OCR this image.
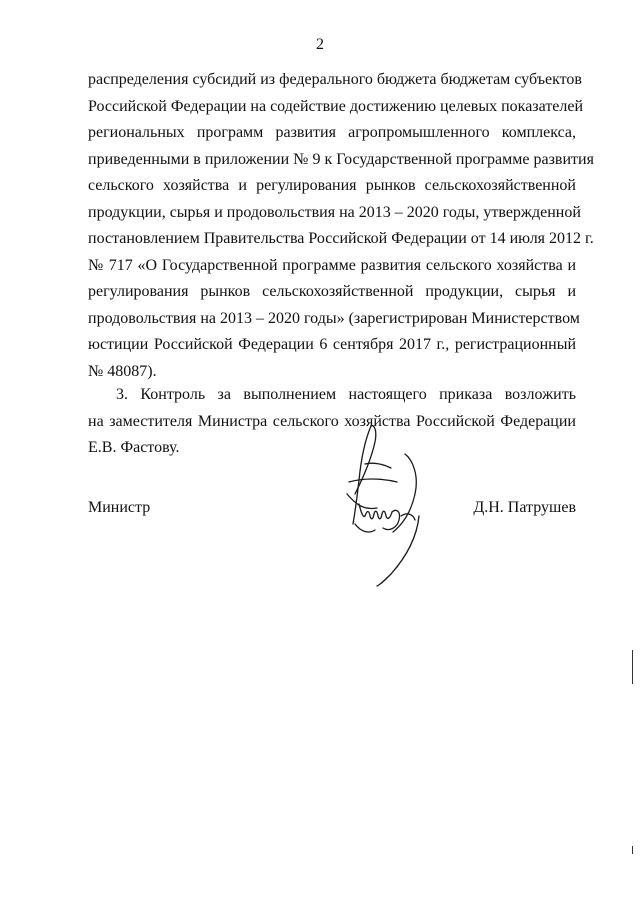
2
распределения субсидий из федерального бюджета бюджетам субъектов
Российской Федерации на содействие достижению целевых показателей
региональных программ развития агропромышленного комплекса,
приведенными в приложении № 9 к Государственной программе развития
сельского хозяйства и регулирования рынков сельскохозяйственной
продукции, сырья и продовольствия на 2013 – 2020 годы, утвержденной
постановлением Правительства Российской Федерации от 14 июля 2012 г.
№ 717 «О Государственной программе развития сельского хозяйства и
регулирования рынков сельскохозяйственной продукции, сырья и
продовольствия на 2013 – 2020 годы» (зарегистрирован Министерством
юстиции Российской Федерации 6 сентября 2017 г., регистрационный
№ 48087).
3. Контроль за выполнением настоящего приказа возложить
на заместителя Министра сельского хозяйства Российской Федерации
Е.В. Фастову.
Министр	Д.Н. Патрушев
